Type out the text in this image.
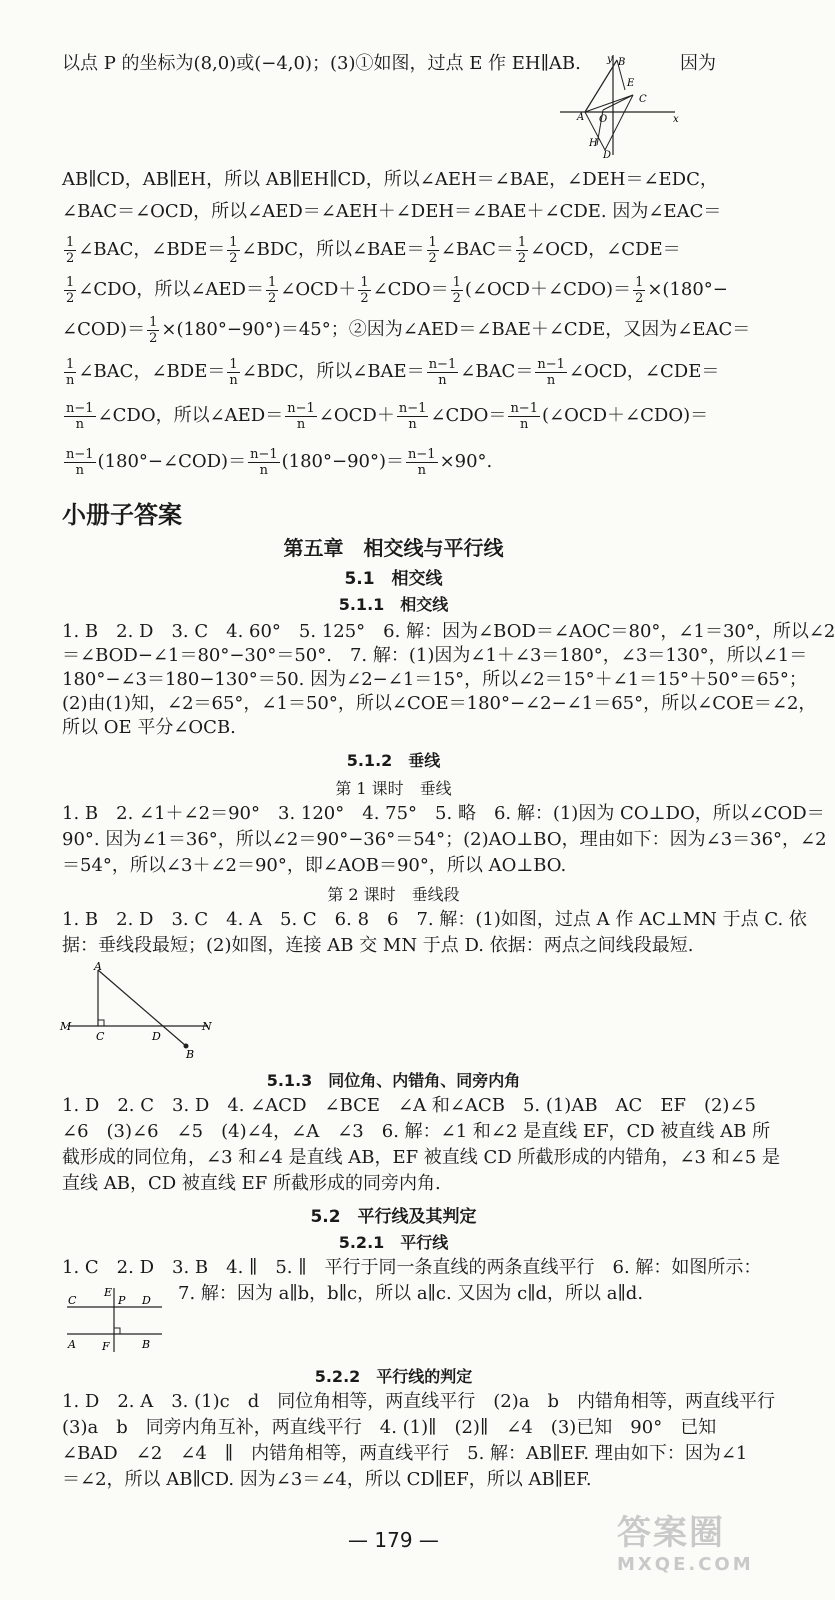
以点 P 的坐标为(8,0)或(−4,0)；(3)①如图，过点 E 作 EH∥AB.	因为
y
x
B
E
C
A O
H
D
AB∥CD，AB∥EH，所以 AB∥EH∥CD，所以∠AEH＝∠BAE，∠DEH＝∠EDC，
∠BAC＝∠OCD，所以∠AED＝∠AEH＋∠DEH＝∠BAE＋∠CDE. 因为∠EAC＝
$\frac{1}{2}$ ∠BAC，∠BDE＝ $\frac{1}{2}$ ∠BDC，所以∠BAE＝ $\frac{1}{2}$ ∠BAC＝ $\frac{1}{2}$ ∠OCD，∠CDE＝
$\frac{1}{2}$ ∠CDO，所以∠AED＝ $\frac{1}{2}$ ∠OCD＋ $\frac{1}{2}$ ∠CDO＝ $\frac{1}{2}$ (∠OCD＋∠CDO)＝ $\frac{1}{2} \times(180^\circ-$
∠COD)＝ $\frac{1}{2} \times(180^\circ-90^\circ)=45^\circ$；②因为∠AED＝∠BAE＋∠CDE，又因为∠EAC＝
$\frac{1}{n}$ ∠BAC，∠BDE＝ $\frac{1}{n}$ ∠BDC，所以∠BAE＝ $\frac{n-1}{n}$ ∠BAC＝ $\frac{n-1}{n}$ ∠OCD，∠CDE＝
$\frac{n-1}{n}$ ∠CDO，所以∠AED＝ $\frac{n-1}{n}$ ∠OCD＋ $\frac{n-1}{n}$ ∠CDO＝ $\frac{n-1}{n}$ (∠OCD＋∠CDO)＝
$\frac{n-1}{n}$ (180°−∠COD)＝ $\frac{n-1}{n} (180^\circ-90^\circ)= \frac{n-1}{n} \times 90^\circ$.
小册子答案
第五章　相交线与平行线
5.1　相交线
5.1.1　相交线
1. B　2. D　3. C　4. 60°　5. 125°　6. 解：因为∠BOD＝∠AOC＝80°，∠1＝30°，所以∠2
＝∠BOD−∠1＝80°−30°＝50°.　7. 解：(1)因为∠1＋∠3＝180°，∠3＝130°，所以∠1＝
180°−∠3＝180−130°＝50. 因为∠2−∠1＝15°，所以∠2＝15°＋∠1＝15°＋50°＝65°；
(2)由(1)知，∠2＝65°，∠1＝50°，所以∠COE＝180°−∠2−∠1＝65°，所以∠COE＝∠2，
所以 OE 平分∠OCB.
5.1.2　垂线
第 1 课时　垂线
1. B　2. ∠1＋∠2＝90°　3. 120°　4. 75°　5. 略　6. 解：(1)因为 CO⊥DO，所以∠COD＝
90°. 因为∠1＝36°，所以∠2＝90°−36°＝54°；(2)AO⊥BO，理由如下：因为∠3＝36°，∠2
＝54°，所以∠3＋∠2＝90°，即∠AOB＝90°，所以 AO⊥BO.
第 2 课时　垂线段
1. B　2. D　3. C　4. A　5. C　6. 8　6　7. 解：(1)如图，过点 A 作 AC⊥MN 于点 C. 依
据：垂线段最短；(2)如图，连接 AB 交 MN 于点 D. 依据：两点之间线段最短.
A
M
C	D
N
B
5.1.3　同位角、内错角、同旁内角
1. D　2. C　3. D　4. ∠ACD　∠BCE　∠A 和∠ACB　5. (1)AB　AC　EF　(2)∠5
∠6　(3)∠6　∠5　(4)∠4，∠A　∠3　6. 解：∠1 和∠2 是直线 EF，CD 被直线 AB 所
截形成的同位角，∠3 和∠4 是直线 AB，EF 被直线 CD 所截形成的内错角，∠3 和∠5 是
直线 AB，CD 被直线 EF 所截形成的同旁内角.
5.2　平行线及其判定
5.2.1　平行线
1. C　2. D　3. B　4. ∥　5. ∥　平行于同一条直线的两条直线平行　6. 解：如图所示：
7. 解：因为 a∥b，b∥c，所以 a∥c. 又因为 c∥d，所以 a∥d.
E
C	P D
A F	B
5.2.2　平行线的判定
1. D　2. A　3. (1)c　d　同位角相等，两直线平行　(2)a　b　内错角相等，两直线平行
(3)a　b　同旁内角互补，两直线平行　4. (1)∥　(2)∥　∠4　(3)已知　90°　已知
∠BAD　∠2　∠4　∥　内错角相等，两直线平行　5. 解：AB∥EF. 理由如下：因为∠1
＝∠2，所以 AB∥CD. 因为∠3＝∠4，所以 CD∥EF，所以 AB∥EF.
— 179 —	答案圈
MXQE.COM
